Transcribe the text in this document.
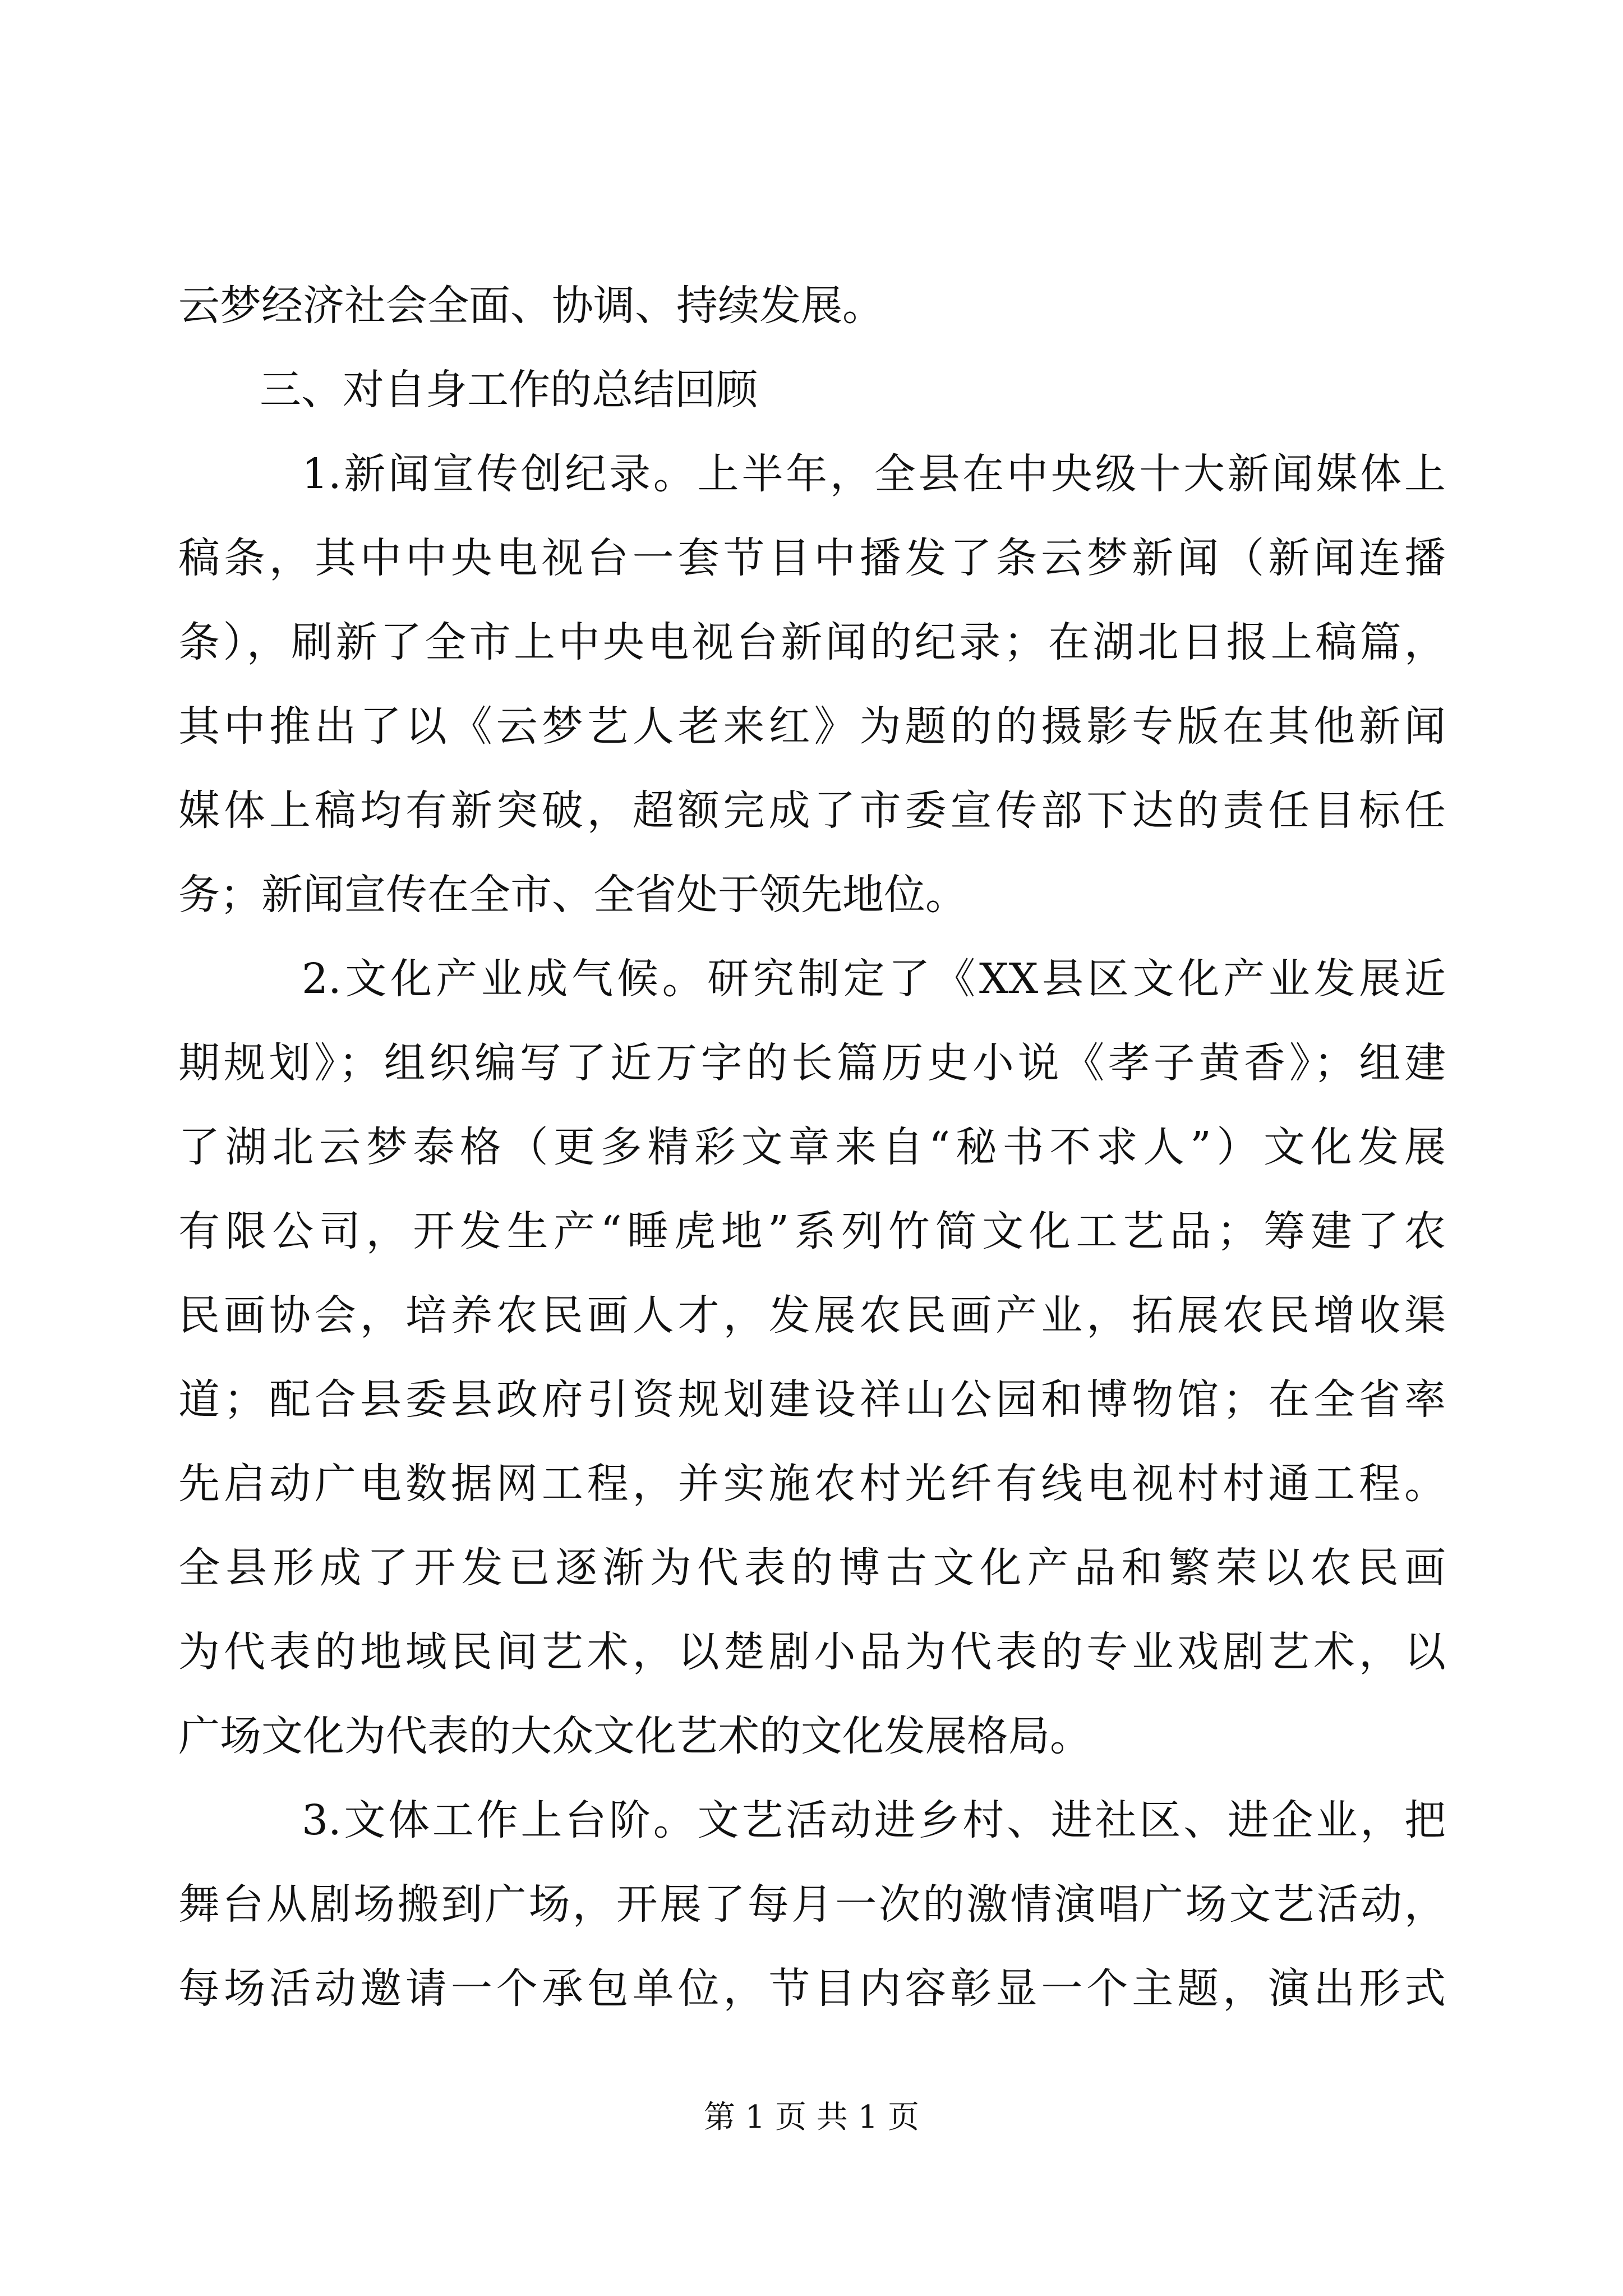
云梦经济社会全面、协调、持续发展。
三、对自身工作的总结回顾
1.新闻宣传创纪录。上半年，全县在中央级十大新闻媒体上
稿条，其中中央电视台一套节目中播发了条云梦新闻（新闻连播
条），刷新了全市上中央电视台新闻的纪录；在湖北日报上稿篇，
其中推出了以《云梦艺人老来红》为题的的摄影专版在其他新闻
媒体上稿均有新突破，超额完成了市委宣传部下达的责任目标任
务；新闻宣传在全市、全省处于领先地位。
2.文化产业成气候。研究制定了《XX县区文化产业发展近
期规划》；组织编写了近万字的长篇历史小说《孝子黄香》；组建
了湖北云梦泰格（更多精彩文章来自“秘书不求人”）文化发展
有限公司，开发生产“睡虎地”系列竹简文化工艺品；筹建了农
民画协会，培养农民画人才，发展农民画产业，拓展农民增收渠
道；配合县委县政府引资规划建设祥山公园和博物馆；在全省率
先启动广电数据网工程，并实施农村光纤有线电视村村通工程。
全县形成了开发已逐渐为代表的博古文化产品和繁荣以农民画
为代表的地域民间艺术，以楚剧小品为代表的专业戏剧艺术，以
广场文化为代表的大众文化艺术的文化发展格局。
3.文体工作上台阶。文艺活动进乡村、进社区、进企业，把
舞台从剧场搬到广场，开展了每月一次的激情演唱广场文艺活动，
每场活动邀请一个承包单位，节目内容彰显一个主题，演出形式
第 1 页 共 1 页
